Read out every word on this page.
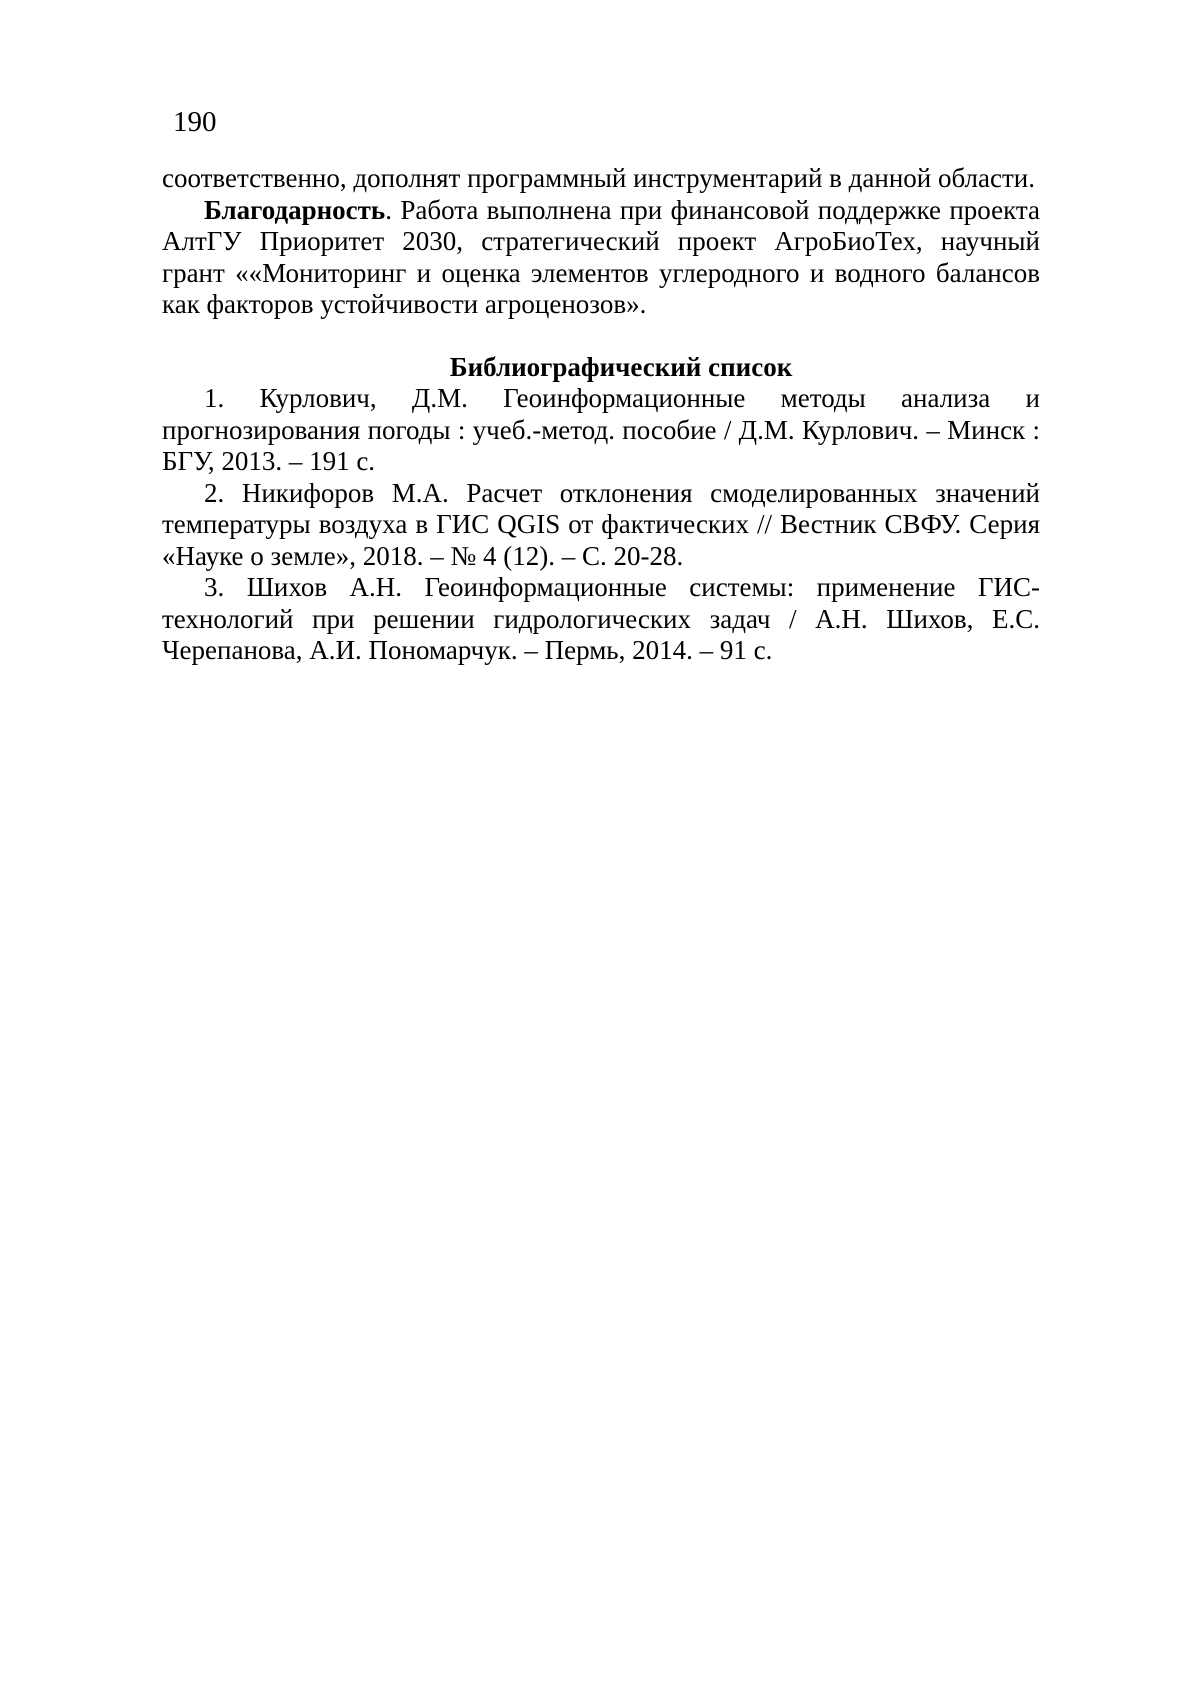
190

соответственно, дополнят программный инструментарий в данной области.

Благодарность. Работа выполнена при финансовой поддержке проекта АлтГУ Приоритет 2030, стратегический проект АгроБиоТех, научный грант ««Мониторинг и оценка элементов углеродного и водного балансов как факторов устойчивости агроценозов».

Библиографический список

1. Курлович, Д.М. Геоинформационные методы анализа и прогнозирования погоды : учеб.-метод. пособие / Д.М. Курлович. – Минск : БГУ, 2013. – 191 с.

2. Никифоров М.А. Расчет отклонения смоделированных значений температуры воздуха в ГИС QGIS от фактических // Вестник СВФУ. Серия «Науке о земле», 2018. – № 4 (12). – С. 20-28.

3. Шихов А.Н. Геоинформационные системы: применение ГИС-технологий при решении гидрологических задач / А.Н. Шихов, Е.С. Черепанова, А.И. Пономарчук. – Пермь, 2014. – 91 с.
